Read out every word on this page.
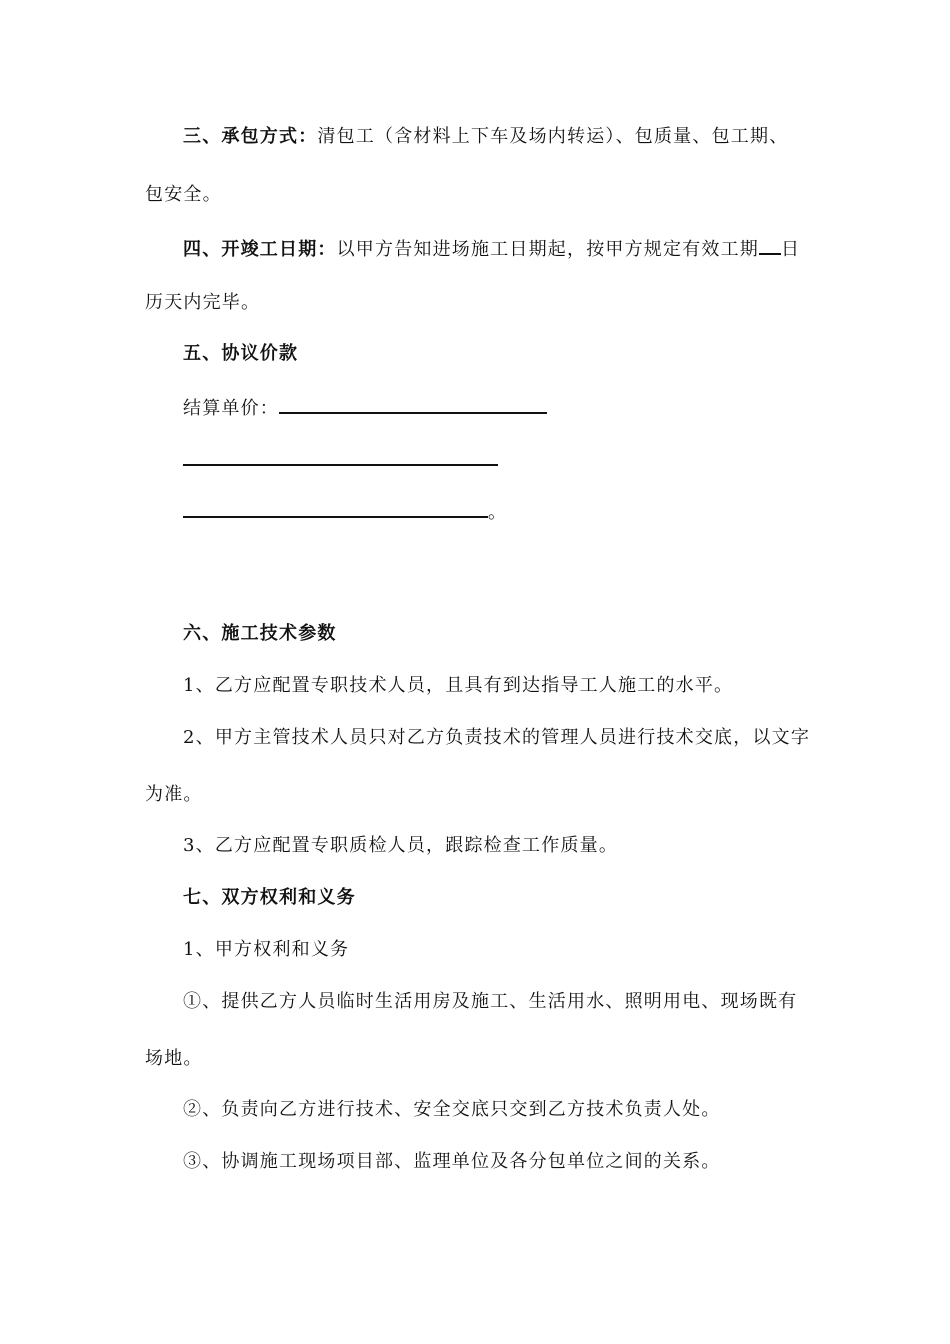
三、承包方式：清包工（含材料上下车及场内转运）、包质量、包工期、
包安全。
四、开竣工日期：以甲方告知进场施工日期起，按甲方规定有效工期 日
历天内完毕。
五、协议价款
结算单价：
。
六、施工技术参数
1、乙方应配置专职技术人员，且具有到达指导工人施工的水平。
2、甲方主管技术人员只对乙方负责技术的管理人员进行技术交底，以文字
为准。
3、乙方应配置专职质检人员，跟踪检查工作质量。
七、双方权利和义务
1、甲方权利和义务
①、提供乙方人员临时生活用房及施工、生活用水、照明用电、现场既有
场地。
②、负责向乙方进行技术、安全交底只交到乙方技术负责人处。
③、协调施工现场项目部、监理单位及各分包单位之间的关系。
